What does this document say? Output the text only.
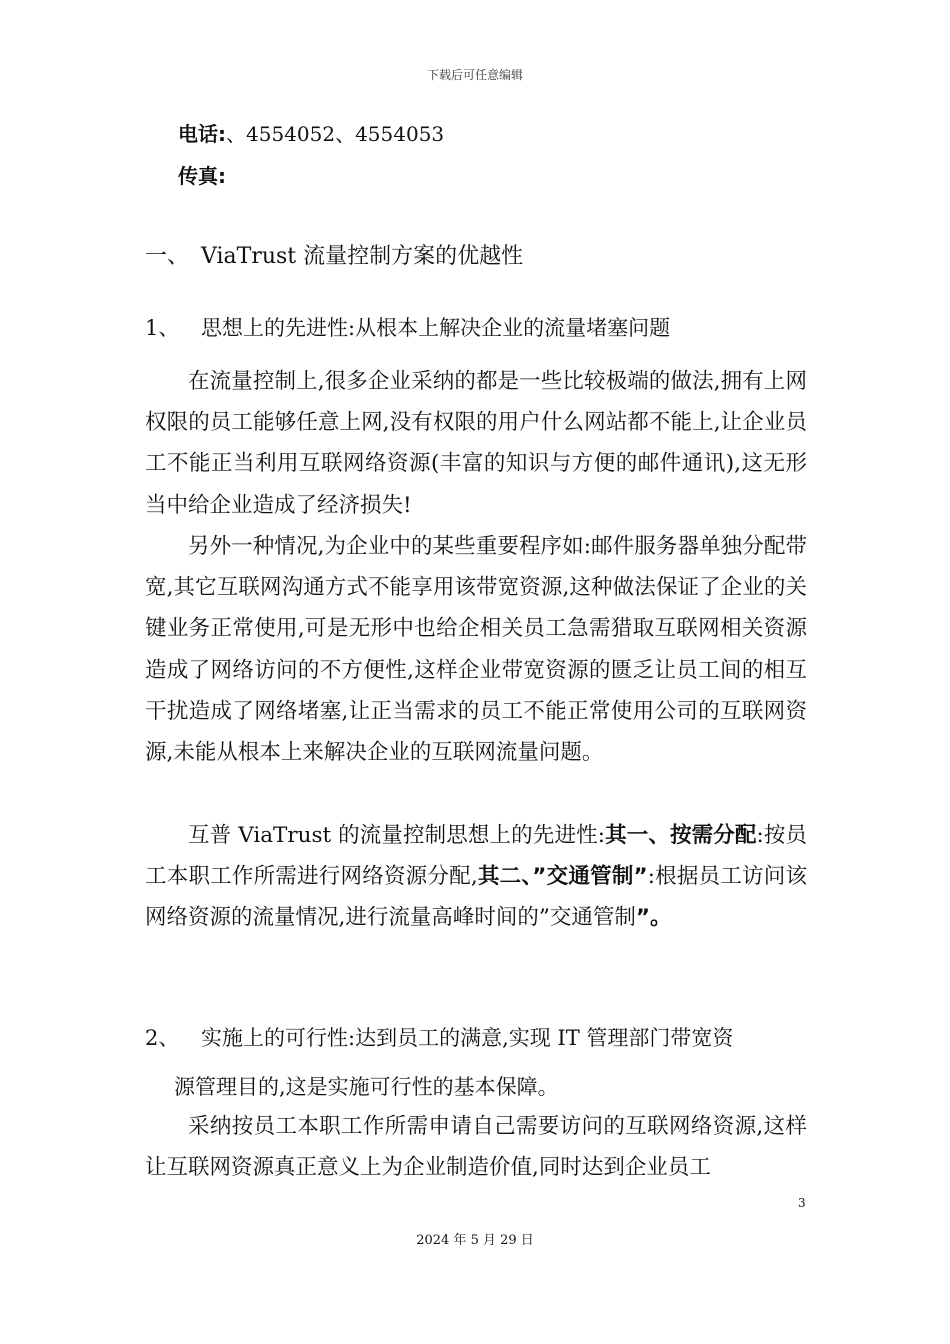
下载后可任意编辑
电话:、4554052、4554053
传真:
一、 ViaTrust 流量控制方案的优越性
1、 思想上的先进性:从根本上解决企业的流量堵塞问题
在流量控制上,很多企业采纳的都是一些比较极端的做法,拥有上网权限的员工能够任意上网,没有权限的用户什么网站都不能上,让企业员工不能正当利用互联网络资源(丰富的知识与方便的邮件通讯),这无形当中给企业造成了经济损失!
另外一种情况,为企业中的某些重要程序如:邮件服务器单独分配带宽,其它互联网沟通方式不能享用该带宽资源,这种做法保证了企业的关键业务正常使用,可是无形中也给企相关员工急需猎取互联网相关资源造成了网络访问的不方便性,这样企业带宽资源的匮乏让员工间的相互干扰造成了网络堵塞,让正当需求的员工不能正常使用公司的互联网资源,未能从根本上来解决企业的互联网流量问题。
互普 ViaTrust 的流量控制思想上的先进性:其一、按需分配:按员工本职工作所需进行网络资源分配,其二、”交通管制”:根据员工访问该网络资源的流量情况,进行流量高峰时间的”交通管制”。
2、 实施上的可行性:达到员工的满意,实现 IT 管理部门带宽资
源管理目的,这是实施可行性的基本保障。
采纳按员工本职工作所需申请自己需要访问的互联网络资源,这样让互联网资源真正意义上为企业制造价值,同时达到企业员工
3
2024 年 5 月 29 日
